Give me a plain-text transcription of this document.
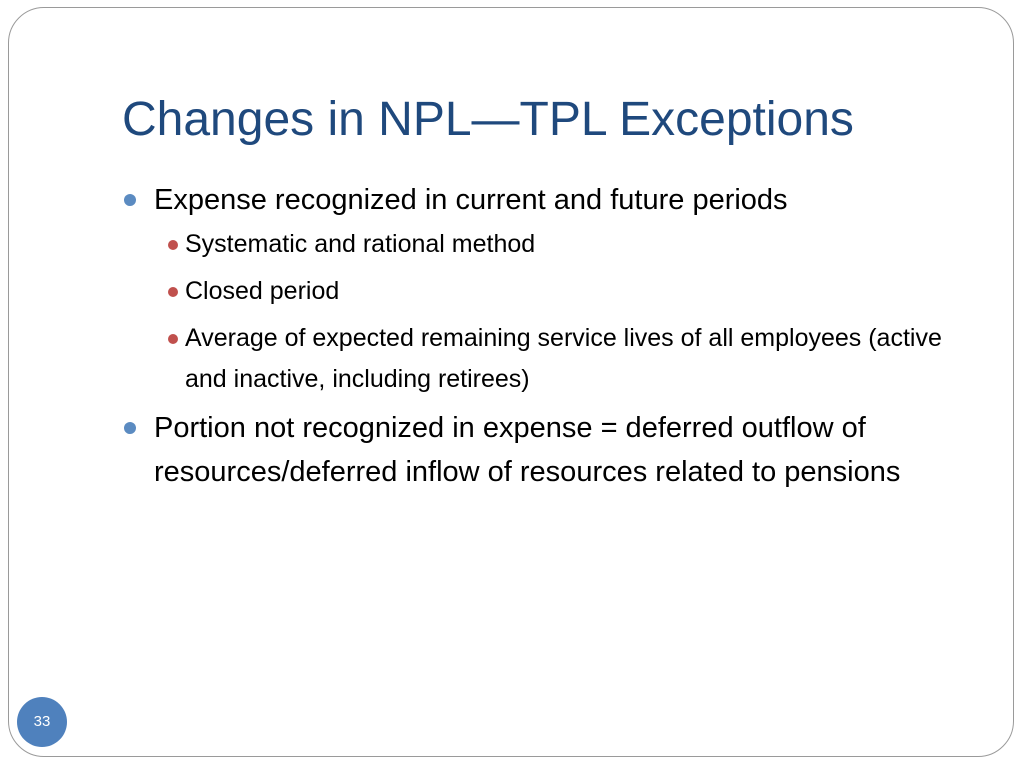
Changes in NPL—TPL Exceptions
Expense recognized in current and future periods
Systematic and rational method
Closed period
Average of expected remaining service lives of all employees (active and inactive, including retirees)
Portion not recognized in expense = deferred outflow of resources/deferred inflow of resources related to pensions
33
